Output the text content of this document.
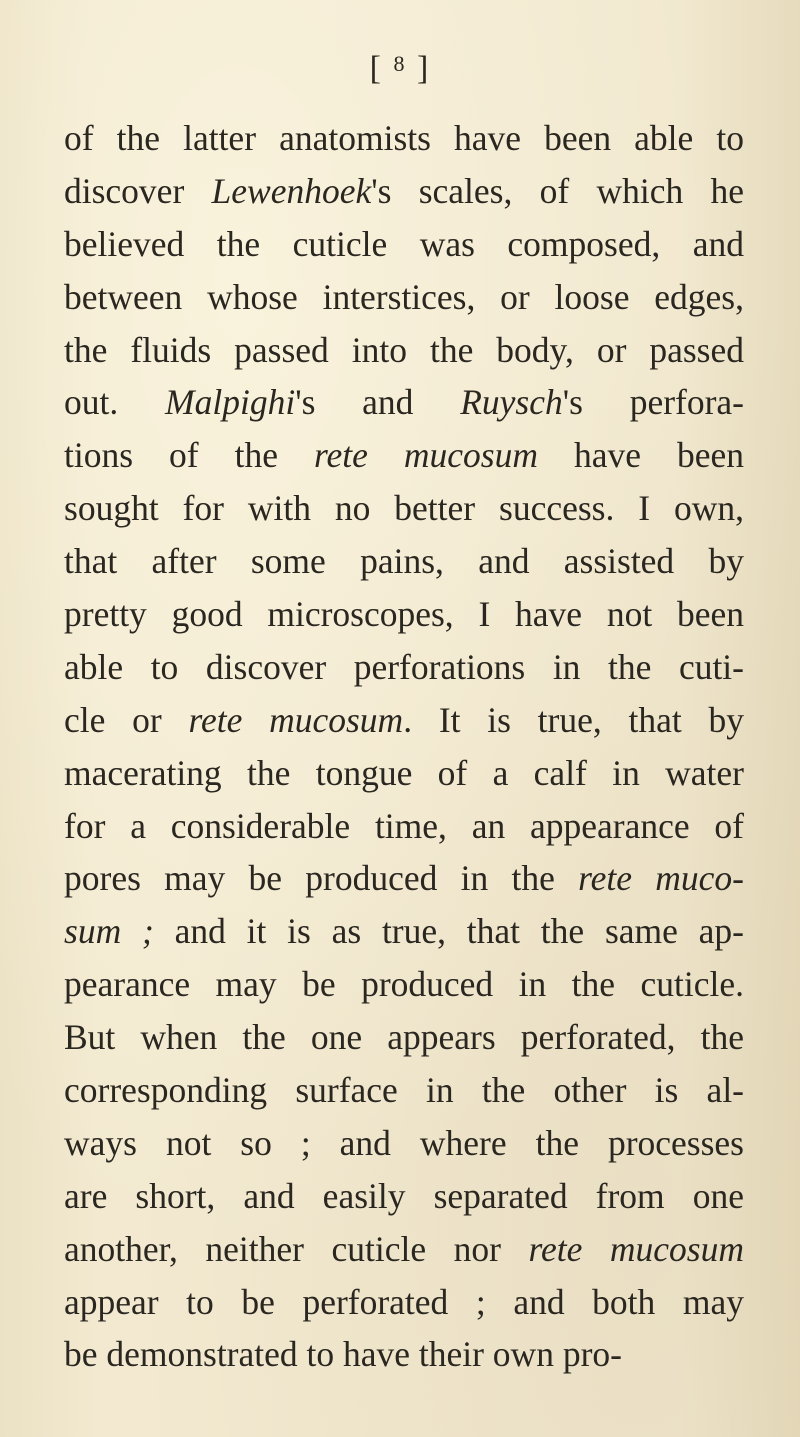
[ $^8$ ]
of the latter anatomists have been able to
discover Lewenhoek's scales, of which he
believed the cuticle was composed, and
between whose interstices, or loose edges,
the fluids passed into the body, or passed
out. Malpighi's and Ruysch's perfora-
tions of the rete mucosum have been
sought for with no better success. I own,
that after some pains, and assisted by
pretty good microscopes, I have not been
able to discover perforations in the cuti-
cle or rete mucosum. It is true, that by
macerating the tongue of a calf in water
for a considerable time, an appearance of
pores may be produced in the rete muco-
sum ; and it is as true, that the same ap-
pearance may be produced in the cuticle.
But when the one appears perforated, the
corresponding surface in the other is al-
ways not so ; and where the processes
are short, and easily separated from one
another, neither cuticle nor rete mucosum
appear to be perforated ; and both may
be demonstrated to have their own pro-
